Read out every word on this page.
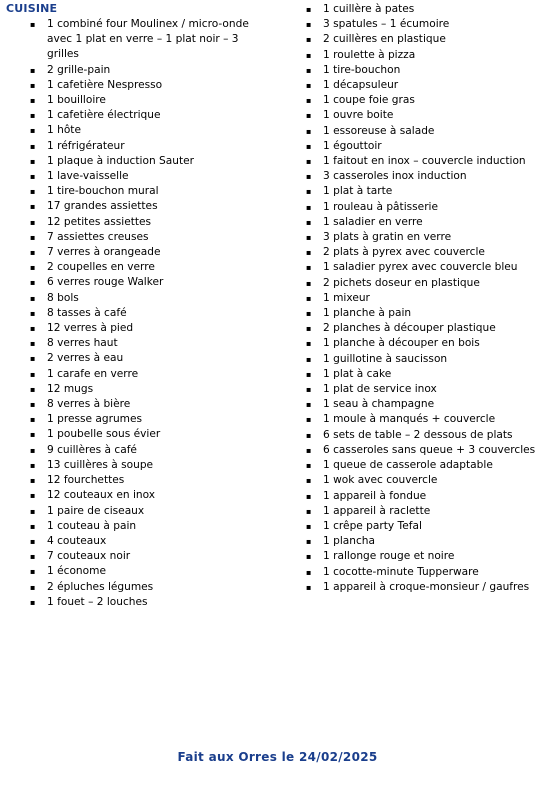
CUISINE
▪ 1 combiné four Moulinex / micro-onde avec 1 plat en verre – 1 plat noir – 3 grilles
▪ 2 grille-pain
▪ 1 cafetière Nespresso
▪ 1 bouilloire
▪ 1 cafetière électrique
▪ 1 hôte
▪ 1 réfrigérateur
▪ 1 plaque à induction Sauter
▪ 1 lave-vaisselle
▪ 1 tire-bouchon mural
▪ 17 grandes assiettes
▪ 12 petites assiettes
▪ 7 assiettes creuses
▪ 7 verres à orangeade
▪ 2 coupelles en verre
▪ 6 verres rouge Walker
▪ 8 bols
▪ 8 tasses à café
▪ 12 verres à pied
▪ 8 verres haut
▪ 2 verres à eau
▪ 1 carafe en verre
▪ 12 mugs
▪ 8 verres à bière
▪ 1 presse agrumes
▪ 1 poubelle sous évier
▪ 9 cuillères à café
▪ 13 cuillères à soupe
▪ 12 fourchettes
▪ 12 couteaux en inox
▪ 1 paire de ciseaux
▪ 1 couteau à pain
▪ 4 couteaux
▪ 7 couteaux noir
▪ 1 économe
▪ 2 épluches légumes
▪ 1 fouet – 2 louches
▪ 1 cuillère à pates
▪ 3 spatules – 1 écumoire
▪ 2 cuillères en plastique
▪ 1 roulette à pizza
▪ 1 tire-bouchon
▪ 1 décapsuleur
▪ 1 coupe foie gras
▪ 1 ouvre boite
▪ 1 essoreuse à salade
▪ 1 égouttoir
▪ 1 faitout en inox – couvercle induction
▪ 3 casseroles inox induction
▪ 1 plat à tarte
▪ 1 rouleau à pâtisserie
▪ 1 saladier en verre
▪ 3 plats à gratin en verre
▪ 2 plats à pyrex avec couvercle
▪ 1 saladier pyrex avec couvercle bleu
▪ 2 pichets doseur en plastique
▪ 1 mixeur
▪ 1 planche à pain
▪ 2 planches à découper plastique
▪ 1 planche à découper en bois
▪ 1 guillotine à saucisson
▪ 1 plat à cake
▪ 1 plat de service inox
▪ 1 seau à champagne
▪ 1 moule à manqués + couvercle
▪ 6 sets de table – 2 dessous de plats
▪ 6 casseroles sans queue + 3 couvercles
▪ 1 queue de casserole adaptable
▪ 1 wok avec couvercle
▪ 1 appareil à fondue
▪ 1 appareil à raclette
▪ 1 crêpe party Tefal
▪ 1 plancha
▪ 1 rallonge rouge et noire
▪ 1 cocotte-minute Tupperware
▪ 1 appareil à croque-monsieur / gaufres
Fait aux Orres le 24/02/2025
